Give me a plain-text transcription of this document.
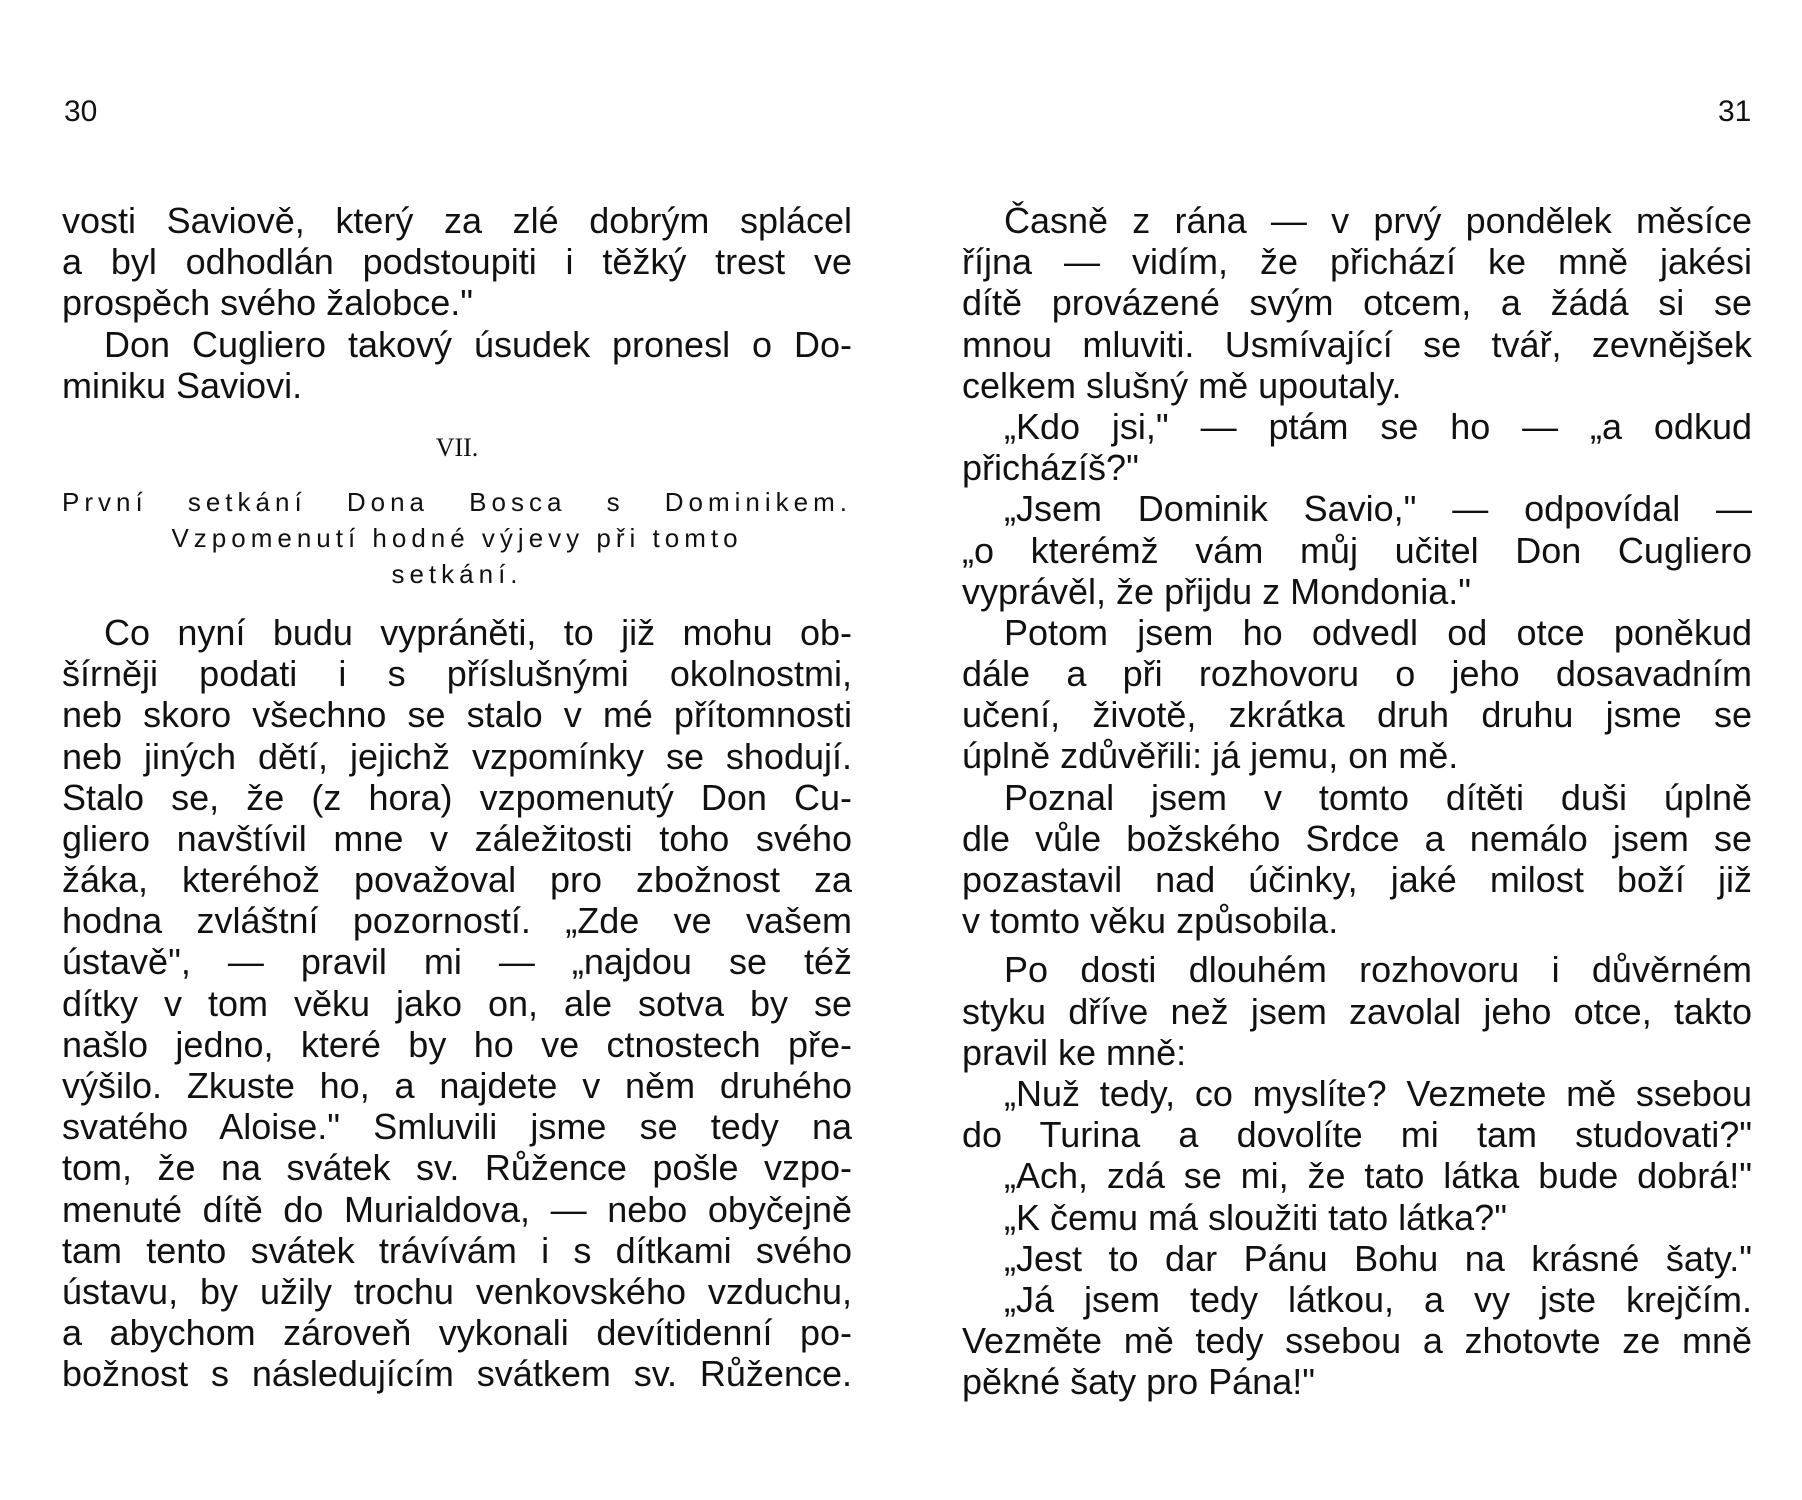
30	31
vosti Saviově, který za zlé dobrým splácel
a byl odhodlán podstoupiti i těžký trest ve
prospěch svého žalobce."
Don Cugliero takový úsudek pronesl o Do-
miniku Saviovi.
VII.
První setkání Dona Bosca s Dominikem.
Vzpomenutí hodné výjevy při tomto
setkání.
Co nyní budu vypráněti, to již mohu ob-
šírněji podati i s příslušnými okolnostmi,
neb skoro všechno se stalo v mé přítomnosti
neb jiných dětí, jejichž vzpomínky se shodují.
Stalo se, že (z hora) vzpomenutý Don Cu-
gliero navštívil mne v záležitosti toho svého
žáka, kteréhož považoval pro zbožnost za
hodna zvláštní pozorností. „Zde ve vašem
ústavě", — pravil mi — „najdou se též
dítky v tom věku jako on, ale sotva by se
našlo jedno, které by ho ve ctnostech pře-
výšilo. Zkuste ho, a najdete v něm druhého
svatého Aloise." Smluvili jsme se tedy na
tom, že na svátek sv. Růžence pošle vzpo-
menuté dítě do Murialdova, — nebo obyčejně
tam tento svátek trávívám i s dítkami svého
ústavu, by užily trochu venkovského vzduchu,
a abychom zároveň vykonali devítidenní po-
božnost s následujícím svátkem sv. Růžence.
Časně z rána — v prvý pondělek měsíce
října — vidím, že přichází ke mně jakési
dítě provázené svým otcem, a žádá si se
mnou mluviti. Usmívající se tvář, zevnějšek
celkem slušný mě upoutaly.
„Kdo jsi," — ptám se ho — „a odkud
přicházíš?"
„Jsem Dominik Savio," — odpovídal —
„o kterémž vám můj učitel Don Cugliero
vyprávěl, že přijdu z Mondonia."
Potom jsem ho odvedl od otce poněkud
dále a při rozhovoru o jeho dosavadním
učení, životě, zkrátka druh druhu jsme se
úplně zdůvěřili: já jemu, on mě.
Poznal jsem v tomto dítěti duši úplně
dle vůle božského Srdce a nemálo jsem se
pozastavil nad účinky, jaké milost boží již
v tomto věku způsobila.
Po dosti dlouhém rozhovoru i důvěrném
styku dříve než jsem zavolal jeho otce, takto
pravil ke mně:
„Nuž tedy, co myslíte? Vezmete mě ssebou
do Turina a dovolíte mi tam studovati?"
„Ach, zdá se mi, že tato látka bude dobrá!"
„K čemu má sloužiti tato látka?"
„Jest to dar Pánu Bohu na krásné šaty."
„Já jsem tedy látkou, a vy jste krejčím.
Vezměte mě tedy ssebou a zhotovte ze mně
pěkné šaty pro Pána!"
